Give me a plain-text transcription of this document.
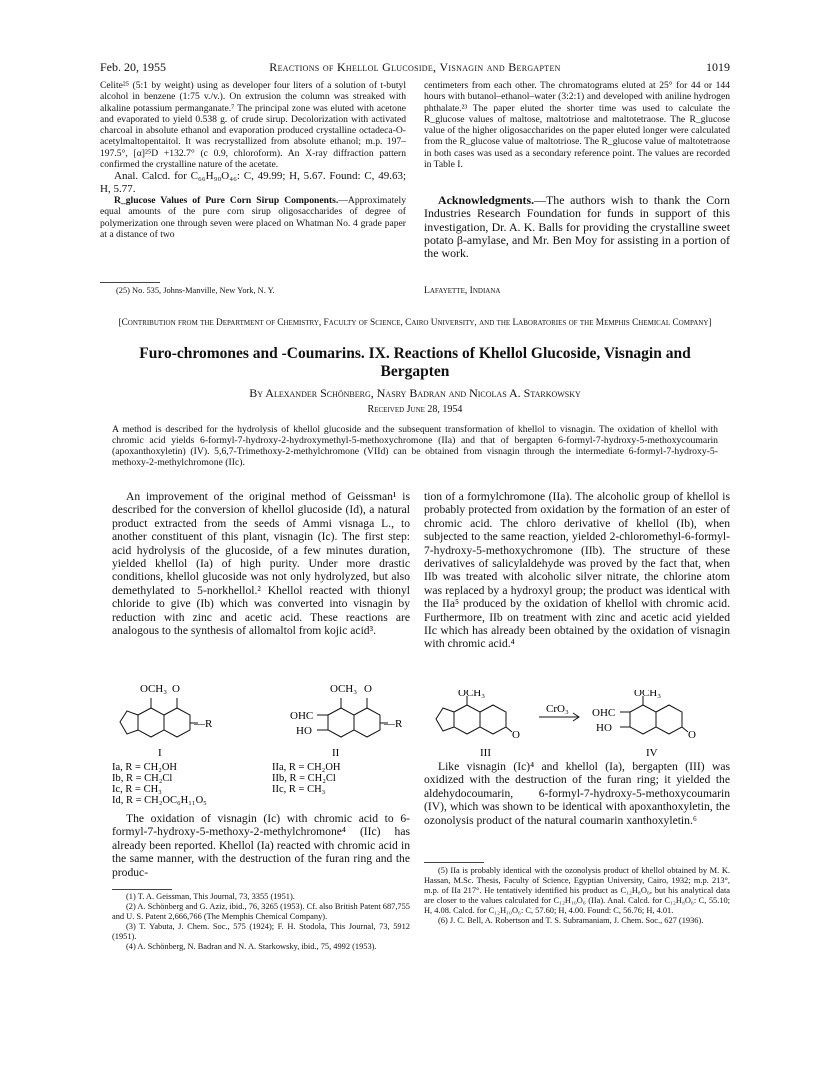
Feb. 20, 1955	Reactions of Khellol Glucoside, Visnagin and Bergapten	1019

Celite²⁵ (5:1 by weight) using as developer four liters of a solution of t-butyl alcohol in benzene (1:75 v./v.). On extrusion the column was streaked with alkaline potassium permanganate.⁷ The principal zone was eluted with acetone and evaporated to yield 0.538 g. of crude sirup. Decolorization with activated charcoal in absolute ethanol and evaporation produced crystalline octadeca-O-acetylmaltopentaitol. It was recrystallized from absolute ethanol; m.p. 197–197.5°, [α]²⁵D +132.7° (c 0.9, chloroform). An X-ray diffraction pattern confirmed the crystalline nature of the acetate.

Anal. Calcd. for C₆₆H₉₀O₄₆: C, 49.99; H, 5.67. Found: C, 49.63; H, 5.77.

R_glucose Values of Pure Corn Sirup Components.—Approximately equal amounts of the pure corn sirup oligosaccharides of degree of polymerization one through seven were placed on Whatman No. 4 grade paper at a distance of two

(25) No. 535, Johns-Manville, New York, N. Y.

centimeters from each other. The chromatograms eluted at 25° for 44 or 144 hours with butanol–ethanol–water (3:2:1) and developed with aniline hydrogen phthalate.²³ The paper eluted the shorter time was used to calculate the R_glucose values of maltose, maltotriose and maltotetraose. The R_glucose value of the higher oligosaccharides on the paper eluted longer were calculated from the R_glucose value of maltotriose. The R_glucose value of maltotetraose in both cases was used as a secondary reference point. The values are recorded in Table I.

Acknowledgments.—The authors wish to thank the Corn Industries Research Foundation for funds in support of this investigation, Dr. A. K. Balls for providing the crystalline sweet potato β-amylase, and Mr. Ben Moy for assisting in a portion of the work.

Lafayette, Indiana
[Contribution from the Department of Chemistry, Faculty of Science, Cairo University, and the Laboratories of the Memphis Chemical Company]
Furo-chromones and -Coumarins. IX. Reactions of Khellol Glucoside, Visnagin and Bergapten
By Alexander Schönberg, Nasry Badran and Nicolas A. Starkowsky
Received June 28, 1954
A method is described for the hydrolysis of khellol glucoside and the subsequent transformation of khellol to visnagin. The oxidation of khellol with chromic acid yields 6-formyl-7-hydroxy-2-hydroxymethyl-5-methoxychromone (IIa) and that of bergapten 6-formyl-7-hydroxy-5-methoxycoumarin (apoxanthoxyletin) (IV). 5,6,7-Trimethoxy-2-methylchromone (VIId) can be obtained from visnagin through the intermediate 6-formyl-7-hydroxy-5-methoxy-2-methylchromone (IIc).

An improvement of the original method of Geissman¹ is described for the conversion of khellol glucoside (Id), a natural product extracted from the seeds of Ammi visnaga L., to another constituent of this plant, visnagin (Ic). The first step: acid hydrolysis of the glucoside, of a few minutes duration, yielded khellol (Ia) of high purity. Under more drastic conditions, khellol glucoside was not only hydrolyzed, but also demethylated to 5-norkhellol.² Khellol reacted with thionyl chloride to give (Ib) which was converted into visnagin by reduction with zinc and acetic acid. These reactions are analogous to the synthesis of allomaltol from kojic acid³.

OCH₃ O
—R
I
OCH₃ O
OHC
HO
—R
II
Ia, R = CH₂OH
Ib, R = CH₂Cl
Ic, R = CH₃
Id, R = CH₂OC₆H₁₁O₅
IIa, R = CH₂OH
IIb, R = CH₂Cl
IIc, R = CH₃

The oxidation of visnagin (Ic) with chromic acid to 6-formyl-7-hydroxy-5-methoxy-2-methylchromone⁴ (IIc) has already been reported. Khellol (Ia) reacted with chromic acid in the same manner, with the destruction of the furan ring and the produc-

(1) T. A. Geissman, This Journal, 73, 3355 (1951).

(2) A. Schönberg and G. Aziz, ibid., 76, 3265 (1953). Cf. also British Patent 687,755 and U. S. Patent 2,666,766 (The Memphis Chemical Company).

(3) T. Yabuta, J. Chem. Soc., 575 (1924); F. H. Stodola, This Journal, 73, 5912 (1951).

(4) A. Schönberg, N. Badran and N. A. Starkowsky, ibid., 75, 4992 (1953).

tion of a formylchromone (IIa). The alcoholic group of khellol is probably protected from oxidation by the formation of an ester of chromic acid. The chloro derivative of khellol (Ib), when subjected to the same reaction, yielded 2-chloromethyl-6-formyl-7-hydroxy-5-methoxychromone (IIb). The structure of these derivatives of salicylaldehyde was proved by the fact that, when IIb was treated with alcoholic silver nitrate, the chlorine atom was replaced by a hydroxyl group; the product was identical with the IIa⁵ produced by the oxidation of khellol with chromic acid. Furthermore, IIb on treatment with zinc and acetic acid yielded IIc which has already been obtained by the oxidation of visnagin with chromic acid.⁴

OCH₃
O
CrO₃ OHC
HO
OCH₃
O
III	IV

Like visnagin (Ic)⁴ and khellol (Ia), bergapten (III) was oxidized with the destruction of the furan ring; it yielded the aldehydocoumarin, 6-formyl-7-hydroxy-5-methoxycoumarin (IV), which was shown to be identical with apoxanthoxyletin, the ozonolysis product of the natural coumarin xanthoxyletin.⁶

(5) IIa is probably identical with the ozonolysis product of khellol obtained by M. K. Hassan, M.Sc. Thesis, Faculty of Science, Egyptian University, Cairo, 1932; m.p. 213°, m.p. of IIa 217°. He tentatively identified his product as C₁₂H₈O₆, but his analytical data are closer to the values calculated for C₁₂H₁₀O₆ (IIa). Anal. Calcd. for C₁₂H₈O₆: C, 55.10; H, 4.08. Calcd. for C₁₂H₁₀O₆: C, 57.60; H, 4.00. Found: C, 56.76; H, 4.01.

(6) J. C. Bell, A. Robertson and T. S. Subramaniam, J. Chem. Soc., 627 (1936).
